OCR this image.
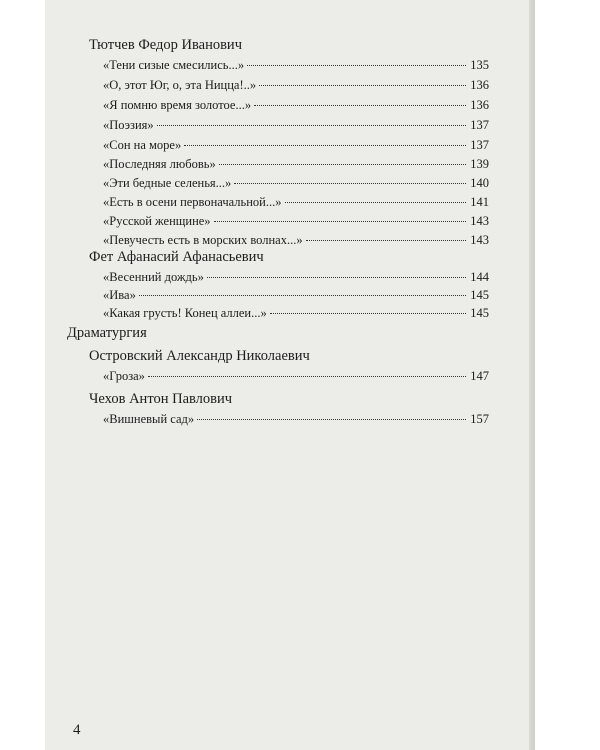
Тютчев Федор Иванович
«Тени сизые смесились...»	135
«О, этот Юг, о, эта Ницца!..»	136
«Я помню время золотое...»	136
«Поэзия»	137
«Сон на море»	137
«Последняя любовь»	139
«Эти бедные селенья...»	140
«Есть в осени первоначальной...»	141
«Русской женщине»	143
«Певучесть есть в морских волнах...»	143
Фет Афанасий Афанасьевич
«Весенний дождь»	144
«Ива»	145
«Какая грусть! Конец аллеи...»	145
Драматургия
Островский Александр Николаевич
«Гроза»	147
Чехов Антон Павлович
«Вишневый сад»	157
4
